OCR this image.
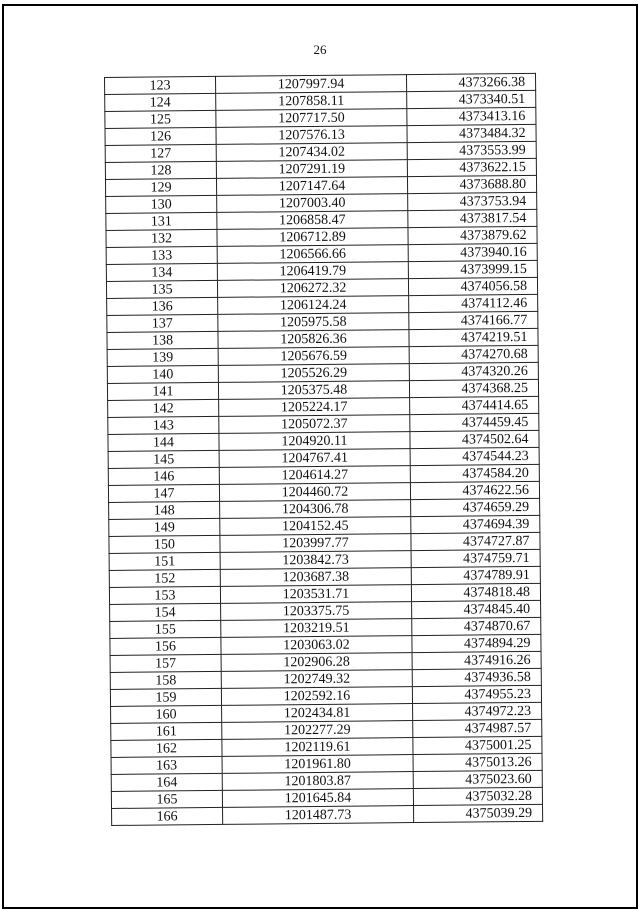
26
123	1207997.94	4373266.38
124	1207858.11	4373340.51
125	1207717.50	4373413.16
126	1207576.13	4373484.32
127	1207434.02	4373553.99
128	1207291.19	4373622.15
129	1207147.64	4373688.80
130	1207003.40	4373753.94
131	1206858.47	4373817.54
132	1206712.89	4373879.62
133	1206566.66	4373940.16
134	1206419.79	4373999.15
135	1206272.32	4374056.58
136	1206124.24	4374112.46
137	1205975.58	4374166.77
138	1205826.36	4374219.51
139	1205676.59	4374270.68
140	1205526.29	4374320.26
141	1205375.48	4374368.25
142	1205224.17	4374414.65
143	1205072.37	4374459.45
144	1204920.11	4374502.64
145	1204767.41	4374544.23
146	1204614.27	4374584.20
147	1204460.72	4374622.56
148	1204306.78	4374659.29
149	1204152.45	4374694.39
150	1203997.77	4374727.87
151	1203842.73	4374759.71
152	1203687.38	4374789.91
153	1203531.71	4374818.48
154	1203375.75	4374845.40
155	1203219.51	4374870.67
156	1203063.02	4374894.29
157	1202906.28	4374916.26
158	1202749.32	4374936.58
159	1202592.16	4374955.23
160	1202434.81	4374972.23
161	1202277.29	4374987.57
162	1202119.61	4375001.25
163	1201961.80	4375013.26
164	1201803.87	4375023.60
165	1201645.84	4375032.28
166	1201487.73	4375039.29
